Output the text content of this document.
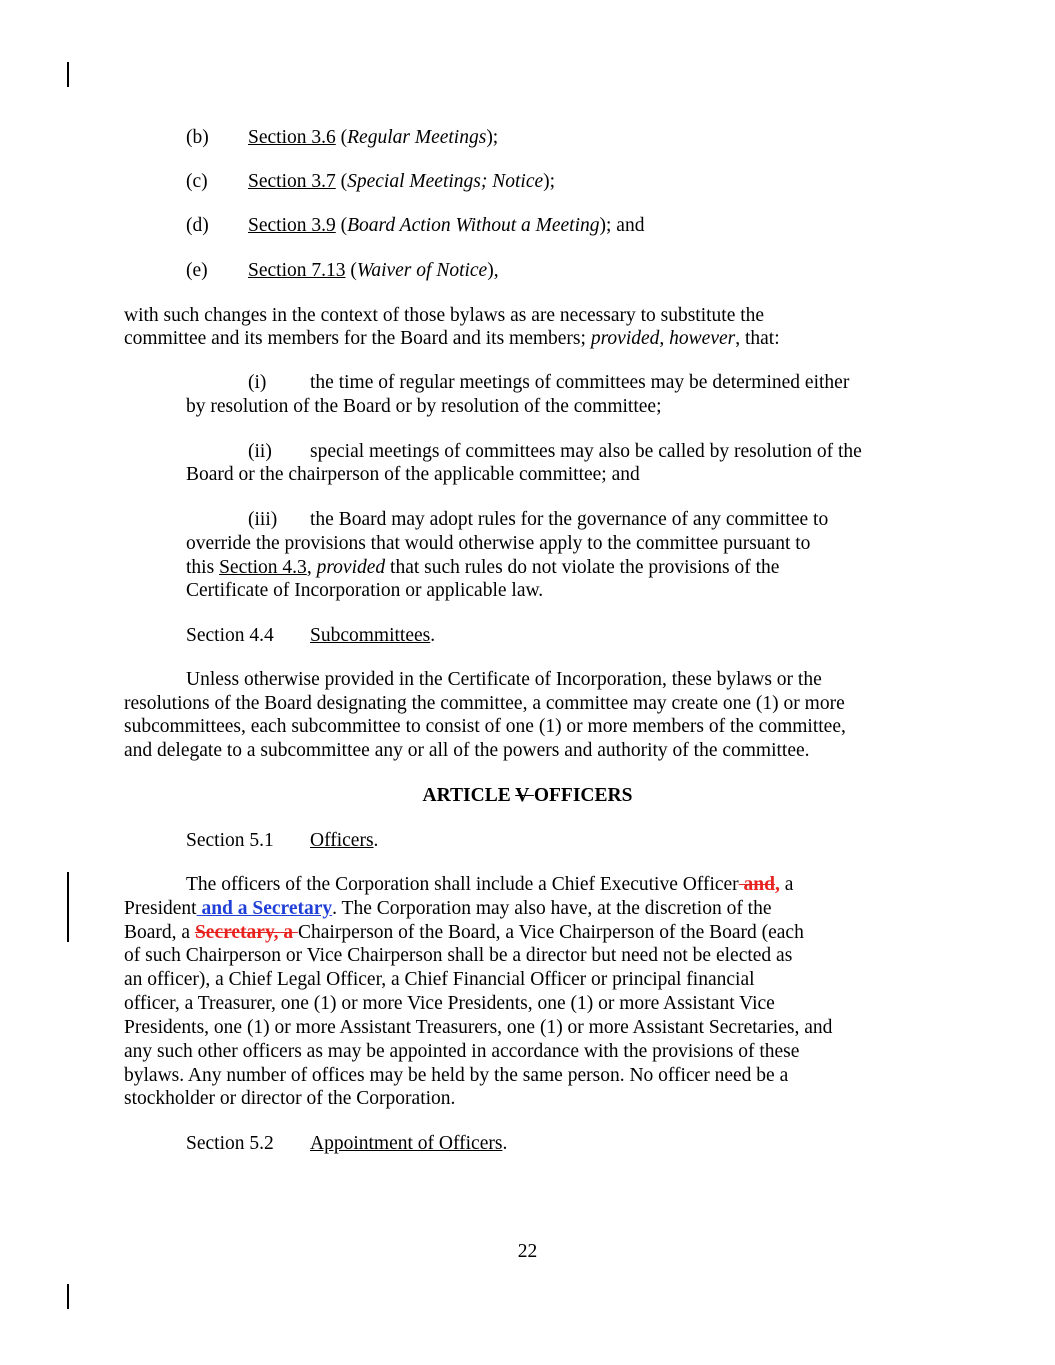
(b) Section 3.6 (Regular Meetings);
(c) Section 3.7 (Special Meetings; Notice);
(d) Section 3.9 (Board Action Without a Meeting); and
(e) Section 7.13 (Waiver of Notice),
with such changes in the context of those bylaws as are necessary to substitute the
committee and its members for the Board and its members; provided, however, that:
(i) the time of regular meetings of committees may be determined either
by resolution of the Board or by resolution of the committee;
(ii) special meetings of committees may also be called by resolution of the
Board or the chairperson of the applicable committee; and
(iii) the Board may adopt rules for the governance of any committee to
override the provisions that would otherwise apply to the committee pursuant to
this Section 4.3, provided that such rules do not violate the provisions of the
Certificate of Incorporation or applicable law.
Section 4.4 Subcommittees.
Unless otherwise provided in the Certificate of Incorporation, these bylaws or the
resolutions of the Board designating the committee, a committee may create one (1) or more
subcommittees, each subcommittee to consist of one (1) or more members of the committee,
and delegate to a subcommittee any or all of the powers and authority of the committee.
ARTICLE V OFFICERS
Section 5.1 Officers.
The officers of the Corporation shall include a Chief Executive Officer and, a
President and a Secretary. The Corporation may also have, at the discretion of the
Board, a Secretary, a Chairperson of the Board, a Vice Chairperson of the Board (each
of such Chairperson or Vice Chairperson shall be a director but need not be elected as
an officer), a Chief Legal Officer, a Chief Financial Officer or principal financial
officer, a Treasurer, one (1) or more Vice Presidents, one (1) or more Assistant Vice
Presidents, one (1) or more Assistant Treasurers, one (1) or more Assistant Secretaries, and
any such other officers as may be appointed in accordance with the provisions of these
bylaws. Any number of offices may be held by the same person. No officer need be a
stockholder or director of the Corporation.
Section 5.2 Appointment of Officers.
22
